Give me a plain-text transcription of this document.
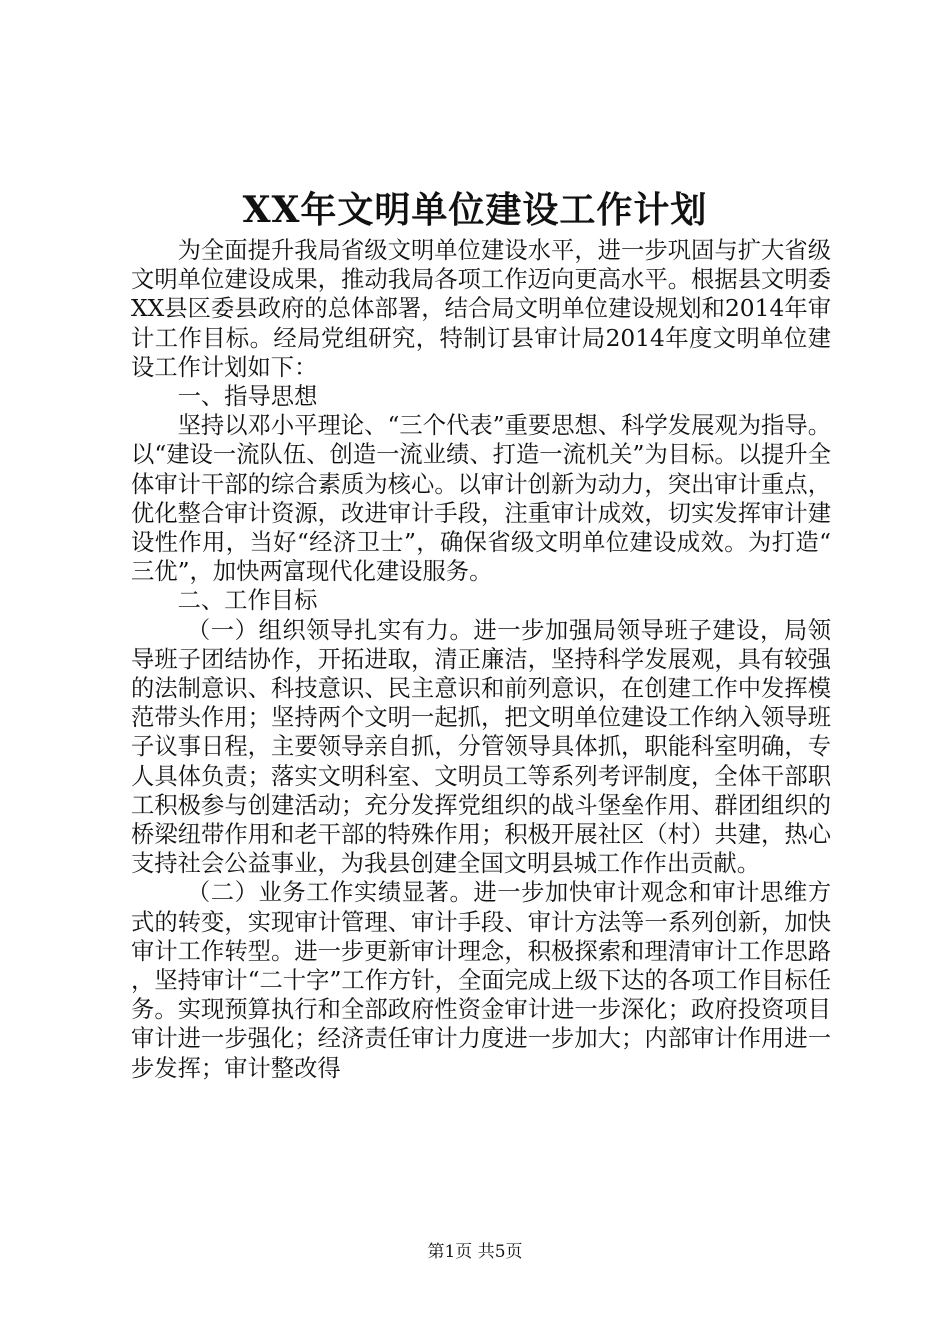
XX年文明单位建设工作计划

为全面提升我局省级文明单位建设水平，进一步巩固与扩大省级文明单位建设成果，推动我局各项工作迈向更高水平。根据县文明委XX县区委县政府的总体部署，结合局文明单位建设规划和2014年审计工作目标。经局党组研究，特制订县审计局2014年度文明单位建设工作计划如下：

一、指导思想

坚持以邓小平理论、“三个代表”重要思想、科学发展观为指导。以“建设一流队伍、创造一流业绩、打造一流机关”为目标。以提升全体审计干部的综合素质为核心。以审计创新为动力，突出审计重点，优化整合审计资源，改进审计手段，注重审计成效，切实发挥审计建设性作用，当好“经济卫士”，确保省级文明单位建设成效。为打造“三优”，加快两富现代化建设服务。

二、工作目标

（一）组织领导扎实有力。进一步加强局领导班子建设，局领导班子团结协作，开拓进取，清正廉洁，坚持科学发展观，具有较强的法制意识、科技意识、民主意识和前列意识，在创建工作中发挥模范带头作用；坚持两个文明一起抓，把文明单位建设工作纳入领导班子议事日程，主要领导亲自抓，分管领导具体抓，职能科室明确，专人具体负责；落实文明科室、文明员工等系列考评制度，全体干部职工积极参与创建活动；充分发挥党组织的战斗堡垒作用、群团组织的桥梁纽带作用和老干部的特殊作用；积极开展社区（村）共建，热心支持社会公益事业，为我县创建全国文明县城工作作出贡献。

（二）业务工作实绩显著。进一步加快审计观念和审计思维方式的转变，实现审计管理、审计手段、审计方法等一系列创新，加快审计工作转型。进一步更新审计理念，积极探索和理清审计工作思路，坚持审计“二十字”工作方针，全面完成上级下达的各项工作目标任务。实现预算执行和全部政府性资金审计进一步深化；政府投资项目审计进一步强化；经济责任审计力度进一步加大；内部审计作用进一步发挥；审计整改得

第1页 共5页
